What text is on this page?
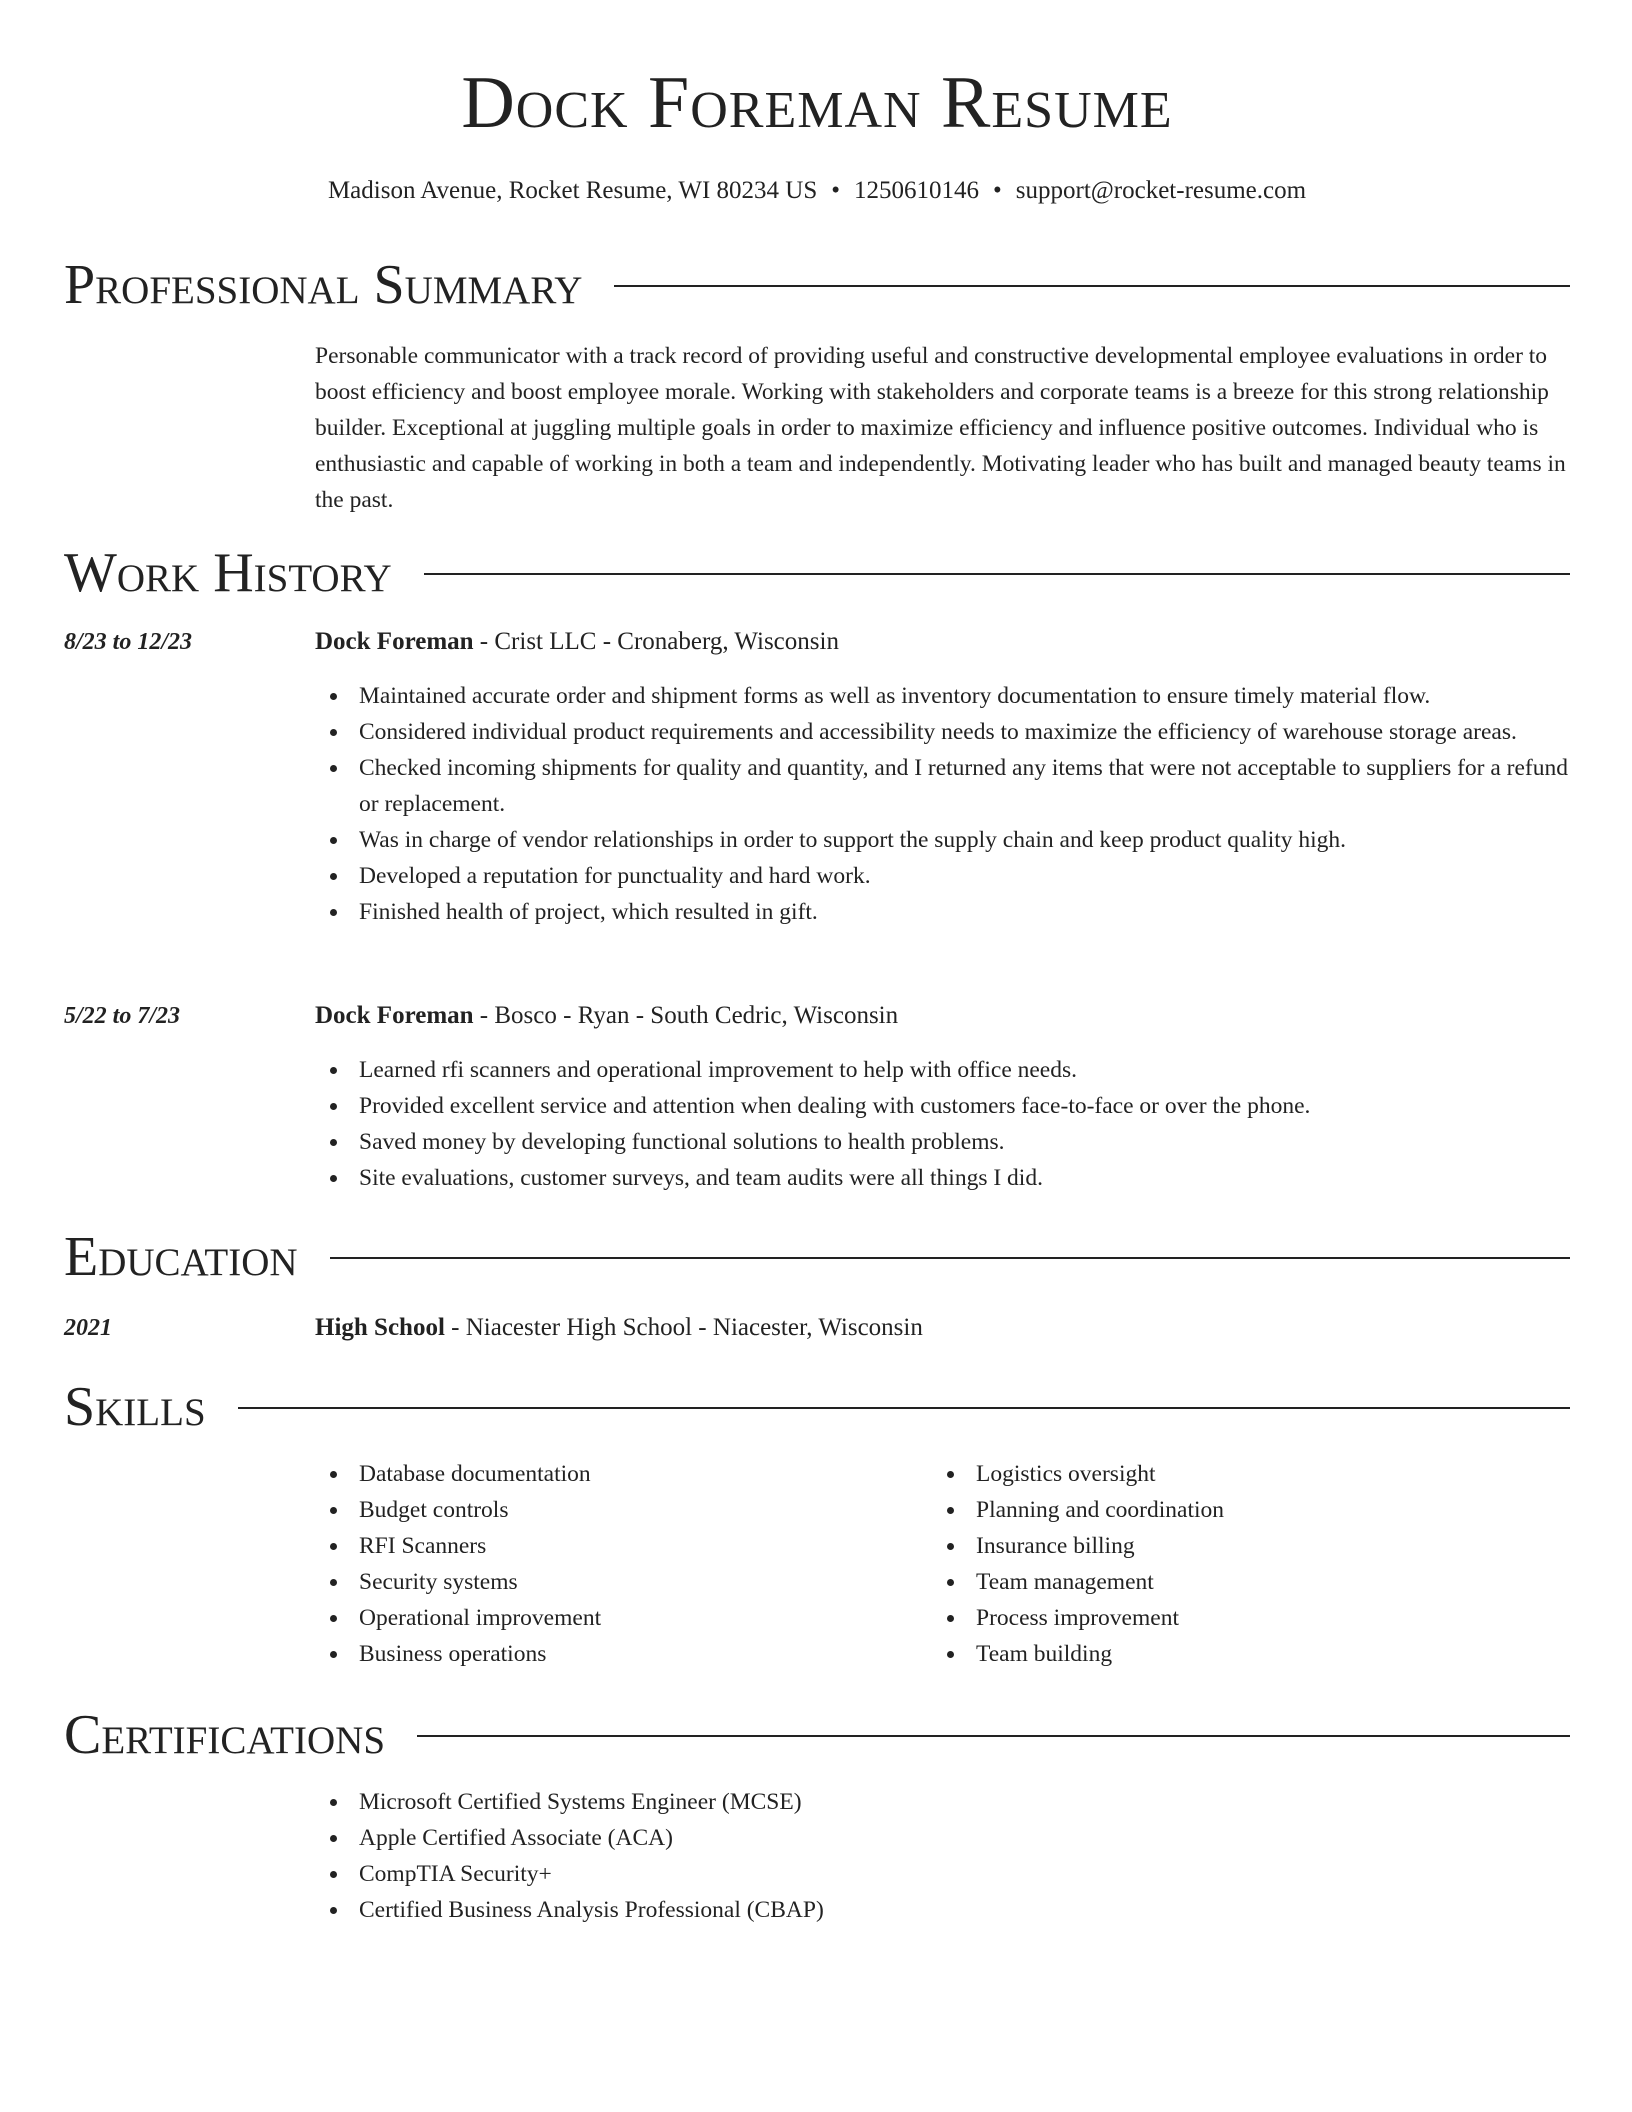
Dock Foreman Resume
Madison Avenue, Rocket Resume, WI 80234 US • 1250610146 • support@rocket-resume.com
Professional Summary
Personable communicator with a track record of providing useful and constructive developmental employee evaluations in order to boost efficiency and boost employee morale. Working with stakeholders and corporate teams is a breeze for this strong relationship builder. Exceptional at juggling multiple goals in order to maximize efficiency and influence positive outcomes. Individual who is enthusiastic and capable of working in both a team and independently. Motivating leader who has built and managed beauty teams in the past.
Work History
8/23 to 12/23	Dock Foreman - Crist LLC - Cronaberg, Wisconsin
Maintained accurate order and shipment forms as well as inventory documentation to ensure timely material flow.
Considered individual product requirements and accessibility needs to maximize the efficiency of warehouse storage areas.
Checked incoming shipments for quality and quantity, and I returned any items that were not acceptable to suppliers for a refund or replacement.
Was in charge of vendor relationships in order to support the supply chain and keep product quality high.
Developed a reputation for punctuality and hard work.
Finished health of project, which resulted in gift.
5/22 to 7/23	Dock Foreman - Bosco - Ryan - South Cedric, Wisconsin
Learned rfi scanners and operational improvement to help with office needs.
Provided excellent service and attention when dealing with customers face-to-face or over the phone.
Saved money by developing functional solutions to health problems.
Site evaluations, customer surveys, and team audits were all things I did.
Education
2021	High School - Niacester High School - Niacester, Wisconsin
Skills
Database documentation
Budget controls
RFI Scanners
Security systems
Operational improvement
Business operations
Logistics oversight
Planning and coordination
Insurance billing
Team management
Process improvement
Team building
Certifications
Microsoft Certified Systems Engineer (MCSE)
Apple Certified Associate (ACA)
CompTIA Security+
Certified Business Analysis Professional (CBAP)
